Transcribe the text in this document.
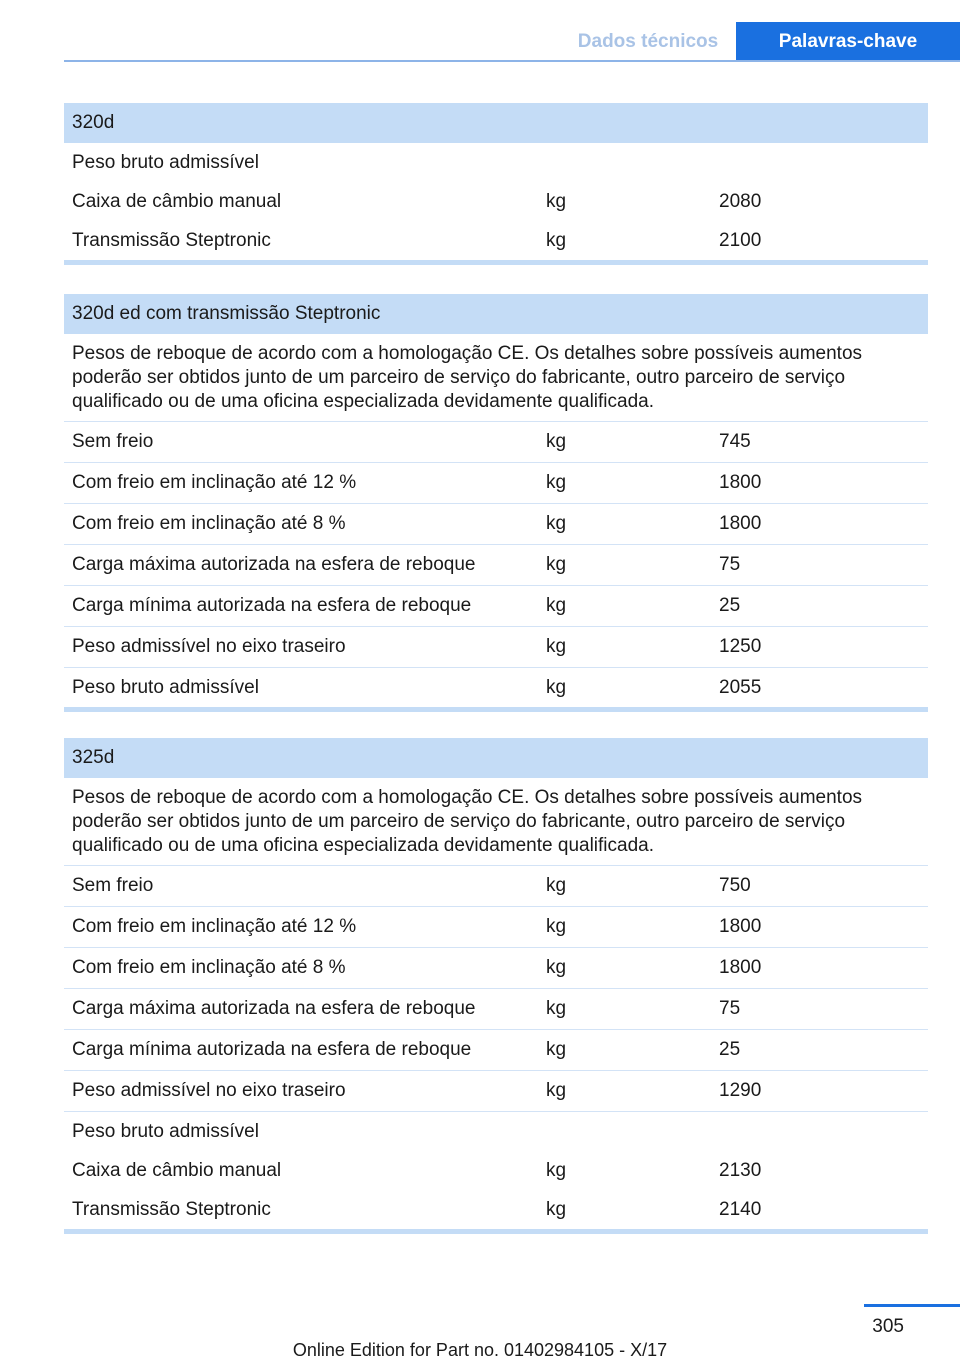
Dados técnicos	Palavras-chave
320d
Peso bruto admissível
Caixa de câmbio manual	kg	2080
Transmissão Steptronic	kg	2100
320d ed com transmissão Steptronic
Pesos de reboque de acordo com a homologação CE. Os detalhes sobre possíveis aumentos poderão ser obtidos junto de um parceiro de serviço do fabricante, outro parceiro de serviço qualificado ou de uma oficina especializada devidamente qualificada.
Sem freio	kg	745
Com freio em inclinação até 12 %	kg	1800
Com freio em inclinação até 8 %	kg	1800
Carga máxima autorizada na esfera de reboque	kg	75
Carga mínima autorizada na esfera de reboque	kg	25
Peso admissível no eixo traseiro	kg	1250
Peso bruto admissível	kg	2055
325d
Pesos de reboque de acordo com a homologação CE. Os detalhes sobre possíveis aumentos poderão ser obtidos junto de um parceiro de serviço do fabricante, outro parceiro de serviço qualificado ou de uma oficina especializada devidamente qualificada.
Sem freio	kg	750
Com freio em inclinação até 12 %	kg	1800
Com freio em inclinação até 8 %	kg	1800
Carga máxima autorizada na esfera de reboque	kg	75
Carga mínima autorizada na esfera de reboque	kg	25
Peso admissível no eixo traseiro	kg	1290
Peso bruto admissível
Caixa de câmbio manual	kg	2130
Transmissão Steptronic	kg	2140
305
Online Edition for Part no. 01402984105 - X/17
